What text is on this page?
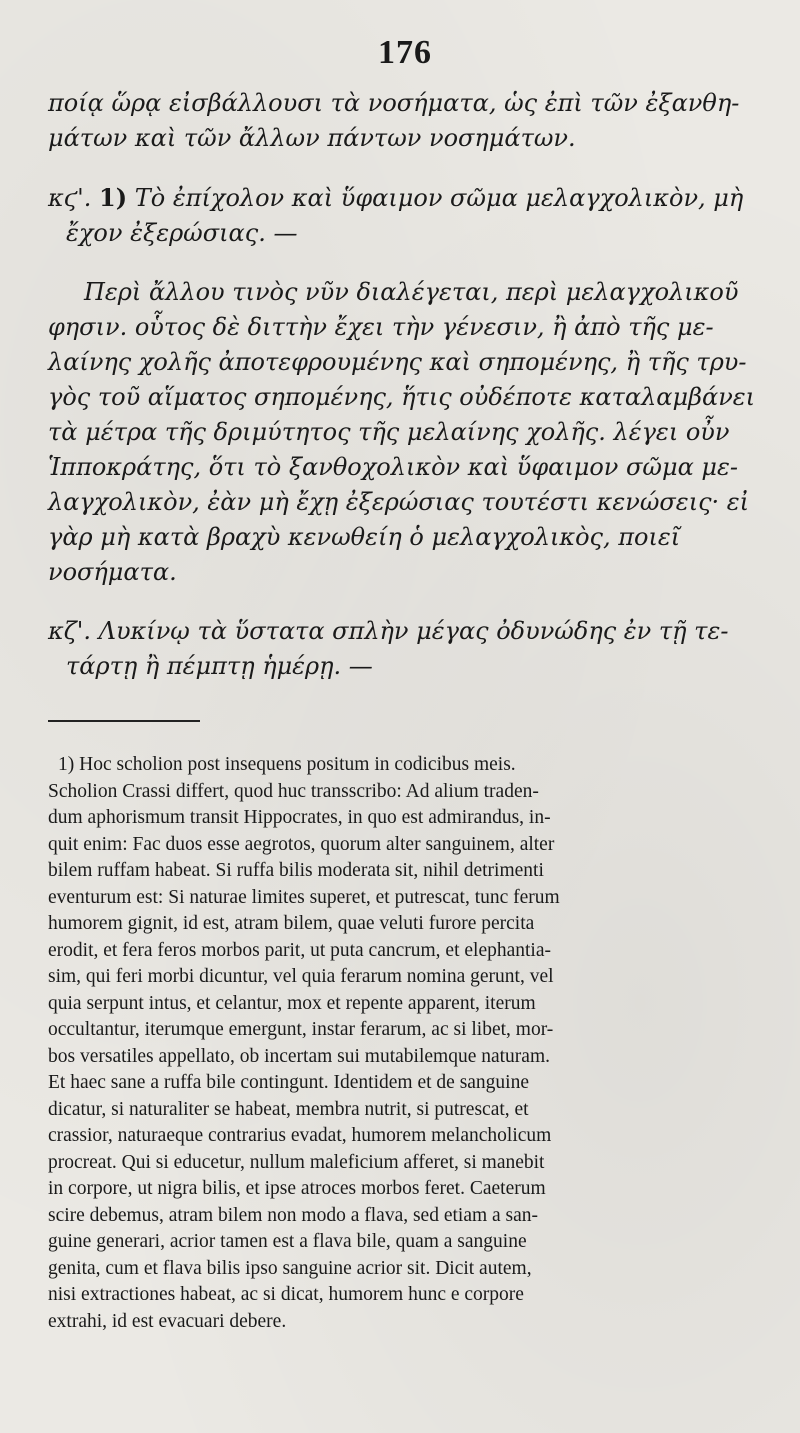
176

ποίᾳ ὥρᾳ εἰσβάλλουσι τὰ νοσήματα, ὡς ἐπὶ τῶν ἐξανθη-

μάτων καὶ τῶν ἄλλων πάντων νοσημάτων.

κϛ'. 1) Τὸ ἐπίχολον καὶ ὕφαιμον σῶμα μελαγχολικὸν, μὴ

ἔχον ἐξερώσιας. —

Περὶ ἄλλου τινὸς νῦν διαλέγεται, περὶ μελαγχολικοῦ

φησιν. οὗτος δὲ διττὴν ἔχει τὴν γένεσιν, ἢ ἀπὸ τῆς με-

λαίνης χολῆς ἀποτεφρουμένης καὶ σηπομένης, ἢ τῆς τρυ-

γὸς τοῦ αἵματος σηπομένης, ἥτις οὐδέποτε καταλαμβάνει

τὰ μέτρα τῆς δριμύτητος τῆς μελαίνης χολῆς. λέγει οὖν

Ἱπποκράτης, ὅτι τὸ ξανθοχολικὸν καὶ ὕφαιμον σῶμα με-

λαγχολικὸν, ἐὰν μὴ ἔχῃ ἐξερώσιας τουτέστι κενώσεις· εἰ

γὰρ μὴ κατὰ βραχὺ κενωθείη ὁ μελαγχολικὸς, ποιεῖ

νοσήματα.

κζ'. Λυκίνῳ τὰ ὕστατα σπλὴν μέγας ὀδυνώδης ἐν τῇ τε-

τάρτῃ ἢ πέμπτῃ ἡμέρῃ. —

1) Hoc scholion post insequens positum in codicibus meis.
Scholion Crassi differt, quod huc transscribo: Ad alium traden-
dum aphorismum transit Hippocrates, in quo est admirandus, in-
quit enim: Fac duos esse aegrotos, quorum alter sanguinem, alter
bilem ruffam habeat. Si ruffa bilis moderata sit, nihil detrimenti
eventurum est: Si naturae limites superet, et putrescat, tunc ferum
humorem gignit, id est, atram bilem, quae veluti furore percita
erodit, et fera feros morbos parit, ut puta cancrum, et elephantia-
sim, qui feri morbi dicuntur, vel quia ferarum nomina gerunt, vel
quia serpunt intus, et celantur, mox et repente apparent, iterum
occultantur, iterumque emergunt, instar ferarum, ac si libet, mor-
bos versatiles appellato, ob incertam sui mutabilemque naturam.
Et haec sane a ruffa bile contingunt. Identidem et de sanguine
dicatur, si naturaliter se habeat, membra nutrit, si putrescat, et
crassior, naturaeque contrarius evadat, humorem melancholicum
procreat. Qui si educetur, nullum maleficium afferet, si manebit
in corpore, ut nigra bilis, et ipse atroces morbos feret. Caeterum
scire debemus, atram bilem non modo a flava, sed etiam a san-
guine generari, acrior tamen est a flava bile, quam a sanguine
genita, cum et flava bilis ipso sanguine acrior sit. Dicit autem,
nisi extractiones habeat, ac si dicat, humorem hunc e corpore
extrahi, id est evacuari debere.
